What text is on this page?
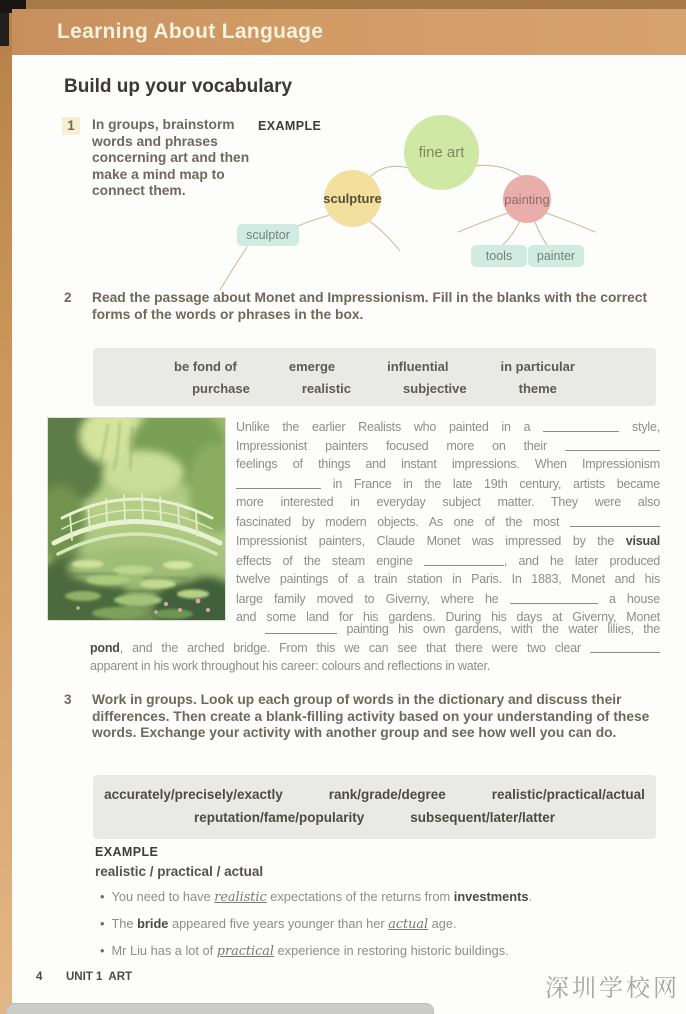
Learning About Language
Build up your vocabulary
1	In groups, brainstorm words and phrases concerning art and then make a mind map to connect them.
EXAMPLE
fine art
sculpture	painting
sculptor
tools painter
2 Read the passage about Monet and Impressionism. Fill in the blanks with the correct forms of the words or phrases in the box.
be fond of	emerge	influential	in particular
purchase	realistic	subjective	theme
Unlike the earlier Realists who painted in a	style,
Impressionist painters focused more on their
feelings of things and instant impressions. When Impressionism
in France in the late 19th century, artists became
more interested in everyday subject matter. They were also
fascinated by modern objects. As one of the most
Impressionist painters, Claude Monet was impressed by the visual
effects of the steam engine	, and he later produced
twelve paintings of a train station in Paris. In 1883, Monet and his
large family moved to Giverny, where he	a house
and some land for his gardens. During his days at Giverny, Monet
painting his own gardens, with the water lilies, the
pond, and the arched bridge. From this we can see that there were two clear
apparent in his work throughout his career: colours and reflections in water.
3 Work in groups. Look up each group of words in the dictionary and discuss their differences. Then create a blank-filling activity based on your understanding of these words. Exchange your activity with another group and see how well you can do.
accurately/precisely/exactly	rank/grade/degree	realistic/practical/actual
reputation/fame/popularity	subsequent/later/latter
EXAMPLE
realistic / practical / actual
• You need to have realistic expectations of the returns from investments.
• The bride appeared five years younger than her actual age.
• Mr Liu has a lot of practical experience in restoring historic buildings.
4 UNIT 1  ART	深圳学校网
